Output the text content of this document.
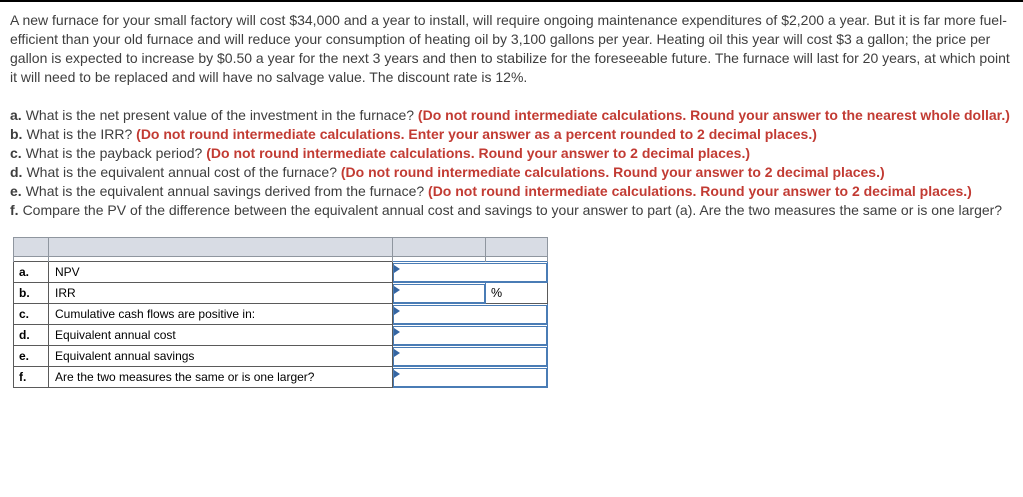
A new furnace for your small factory will cost $34,000 and a year to install, will require ongoing maintenance expenditures of $2,200 a year. But it is far more fuel-efficient than your old furnace and will reduce your consumption of heating oil by 3,100 gallons per year. Heating oil this year will cost $3 a gallon; the price per gallon is expected to increase by $0.50 a year for the next 3 years and then to stabilize for the foreseeable future. The furnace will last for 20 years, at which point it will need to be replaced and will have no salvage value. The discount rate is 12%.

a. What is the net present value of the investment in the furnace? (Do not round intermediate calculations. Round your answer to the nearest whole dollar.)
b. What is the IRR? (Do not round intermediate calculations. Enter your answer as a percent rounded to 2 decimal places.)
c. What is the payback period? (Do not round intermediate calculations. Round your answer to 2 decimal places.)
d. What is the equivalent annual cost of the furnace? (Do not round intermediate calculations. Round your answer to 2 decimal places.)
e. What is the equivalent annual savings derived from the furnace? (Do not round intermediate calculations. Round your answer to 2 decimal places.)
f. Compare the PV of the difference between the equivalent annual cost and savings to your answer to part (a). Are the two measures the same or is one larger?

a.	NPV	

b.	IRR		%
c.	Cumulative cash flows are positive in:	

d.	Equivalent annual cost	

e.	Equivalent annual savings	

f.	Are the two measures the same or is one larger?	
